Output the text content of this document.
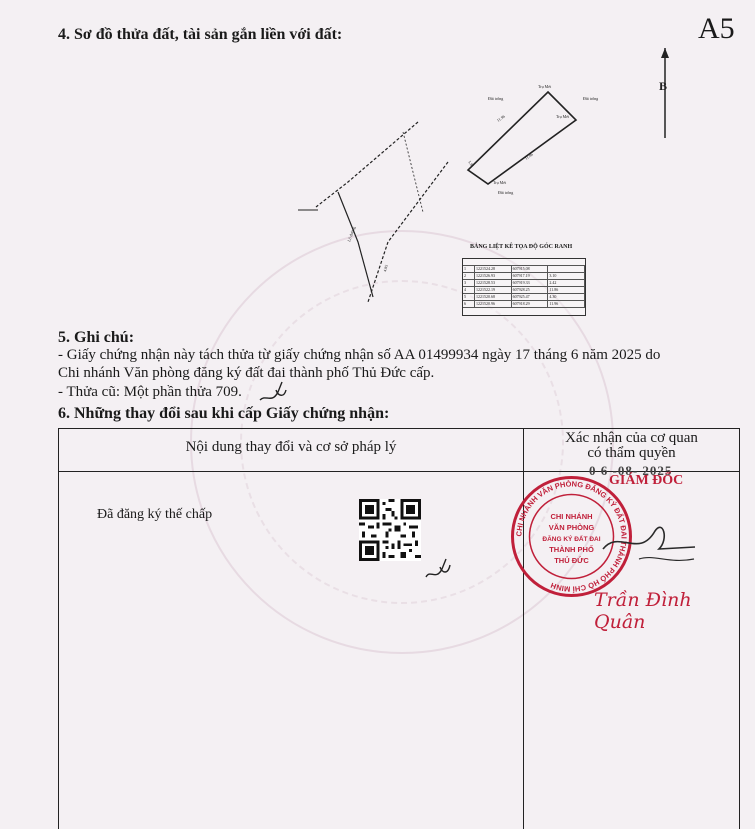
4. Sơ đồ thửa đất, tài sản gắn liền với đất:	A5
B
Đất trống
Trụ Mét
Đất trống
Trụ Mét
Trụ Mét
Đất trống
Lô đường
11.96
11.86
5.81
4.85
BẢNG LIỆT KÊ TỌA ĐỘ GÓC RANH
1	1221524.28	607915.08
2	1221526.93	607917.19	3.10
3	1221528.53	607919.33	2.42
4	1221522.19	607928.25	11.86
5	1221520.68	607925.47	4.30
6	1221520.96	607918.29	11.96
5. Ghi chú:
- Giấy chứng nhận này tách thửa từ giấy chứng nhận số AA 01499934 ngày 17 tháng 6 năm 2025 do
Chi nhánh Văn phòng đăng ký đất đai thành phố Thủ Đức cấp.
- Thửa cũ: Một phần thửa 709.
6. Những thay đổi sau khi cấp Giấy chứng nhận:
Nội dung thay đổi và cơ sở pháp lý
Xác nhận của cơ quan
có thẩm quyền
0 6 -08- 2025
GIÁM ĐỐC
Đã đăng ký thế chấp
CHI NHÁNH VĂN PHÒNG ĐĂNG KÝ ĐẤT ĐAI THÀNH PHỐ HỒ CHÍ MINH
CHI NHÁNH
VĂN PHÒNG
ĐĂNG KÝ ĐẤT ĐAI
THÀNH PHỐ
THỦ ĐỨC
Trần Đình Quân
